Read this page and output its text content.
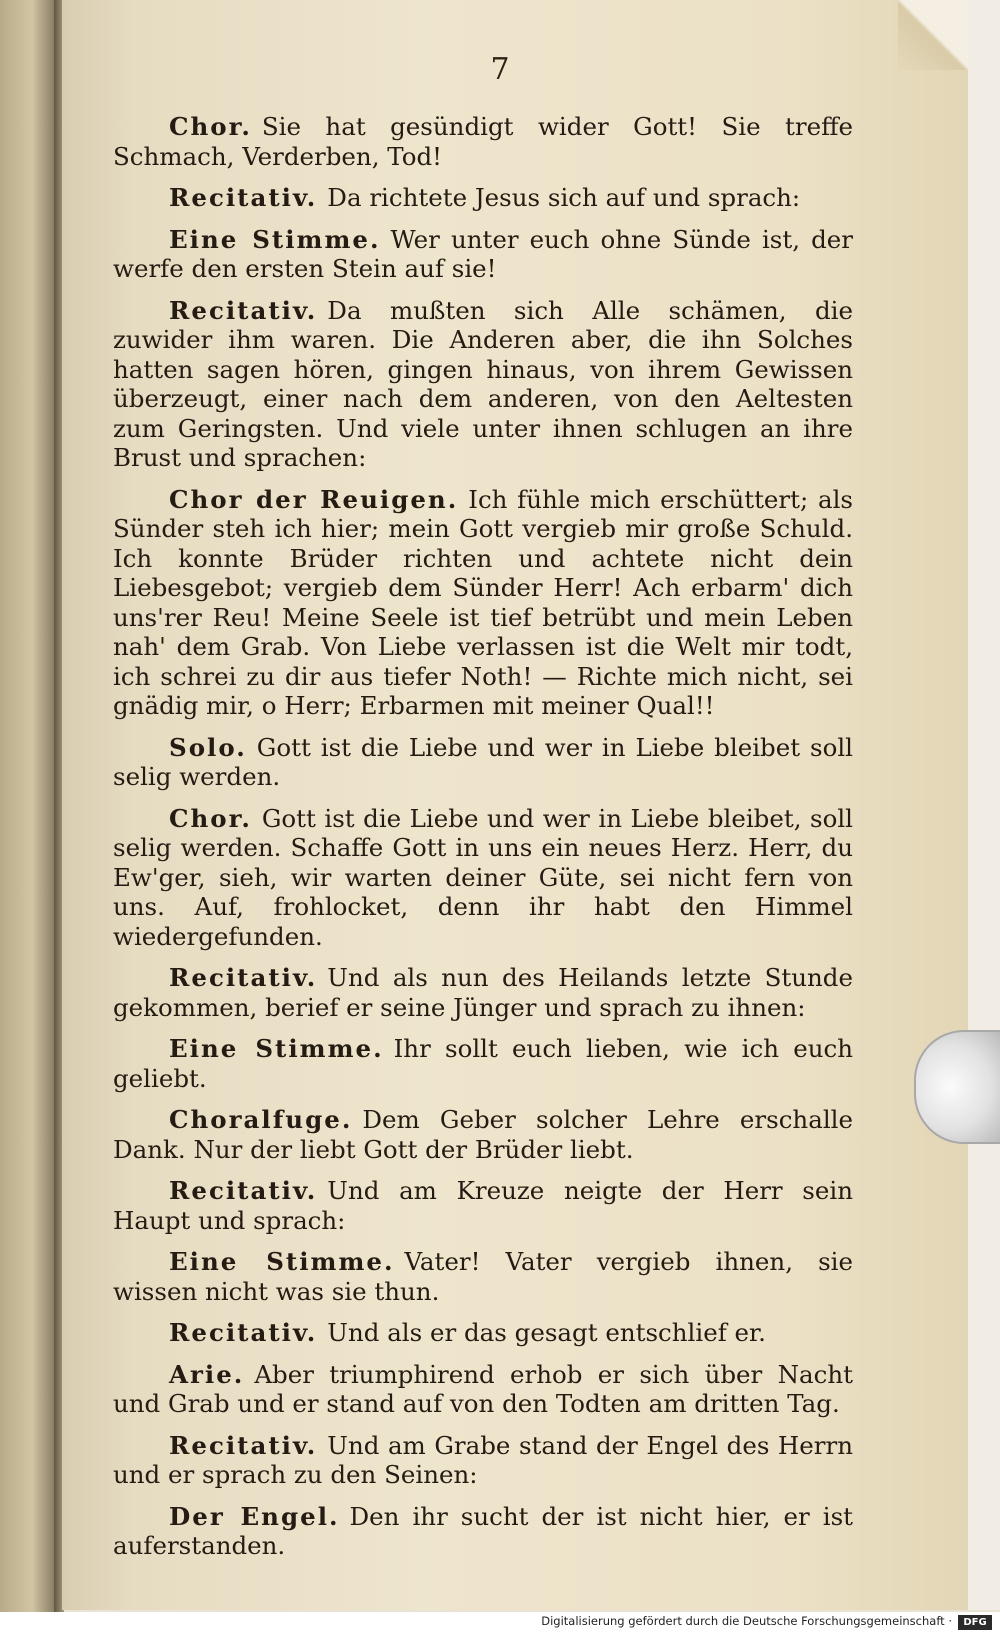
7

Chor. Sie hat gesündigt wider Gott! Sie treffe Schmach, Verderben, Tod!

Recitativ. Da richtete Jesus sich auf und sprach:

Eine Stimme. Wer unter euch ohne Sünde ist, der werfe den ersten Stein auf sie!

Recitativ. Da mußten sich Alle schämen, die zuwider ihm waren. Die Anderen aber, die ihn Solches hatten sagen hören, gingen hinaus, von ihrem Gewissen überzeugt, einer nach dem anderen, von den Aeltesten zum Geringsten. Und viele unter ihnen schlugen an ihre Brust und sprachen:

Chor der Reuigen. Ich fühle mich erschüttert; als Sünder steh ich hier; mein Gott vergieb mir große Schuld. Ich konnte Brüder richten und achtete nicht dein Liebesgebot; vergieb dem Sünder Herr! Ach erbarm' dich uns'rer Reu! Meine Seele ist tief betrübt und mein Leben nah' dem Grab. Von Liebe verlassen ist die Welt mir todt, ich schrei zu dir aus tiefer Noth! — Richte mich nicht, sei gnädig mir, o Herr; Erbarmen mit meiner Qual!!

Solo. Gott ist die Liebe und wer in Liebe bleibet soll selig werden.

Chor. Gott ist die Liebe und wer in Liebe bleibet, soll selig werden. Schaffe Gott in uns ein neues Herz. Herr, du Ew'ger, sieh, wir warten deiner Güte, sei nicht fern von uns. Auf, frohlocket, denn ihr habt den Himmel wiedergefunden.

Recitativ. Und als nun des Heilands letzte Stunde gekommen, berief er seine Jünger und sprach zu ihnen:

Eine Stimme. Ihr sollt euch lieben, wie ich euch geliebt.

Choralfuge. Dem Geber solcher Lehre erschalle Dank. Nur der liebt Gott der Brüder liebt.

Recitativ. Und am Kreuze neigte der Herr sein Haupt und sprach:

Eine Stimme. Vater! Vater vergieb ihnen, sie wissen nicht was sie thun.

Recitativ. Und als er das gesagt entschlief er.

Arie. Aber triumphirend erhob er sich über Nacht und Grab und er stand auf von den Todten am dritten Tag.

Recitativ. Und am Grabe stand der Engel des Herrn und er sprach zu den Seinen:

Der Engel. Den ihr sucht der ist nicht hier, er ist auferstanden.

Digitalisierung gefördert durch die Deutsche Forschungsgemeinschaft ·	DFG
